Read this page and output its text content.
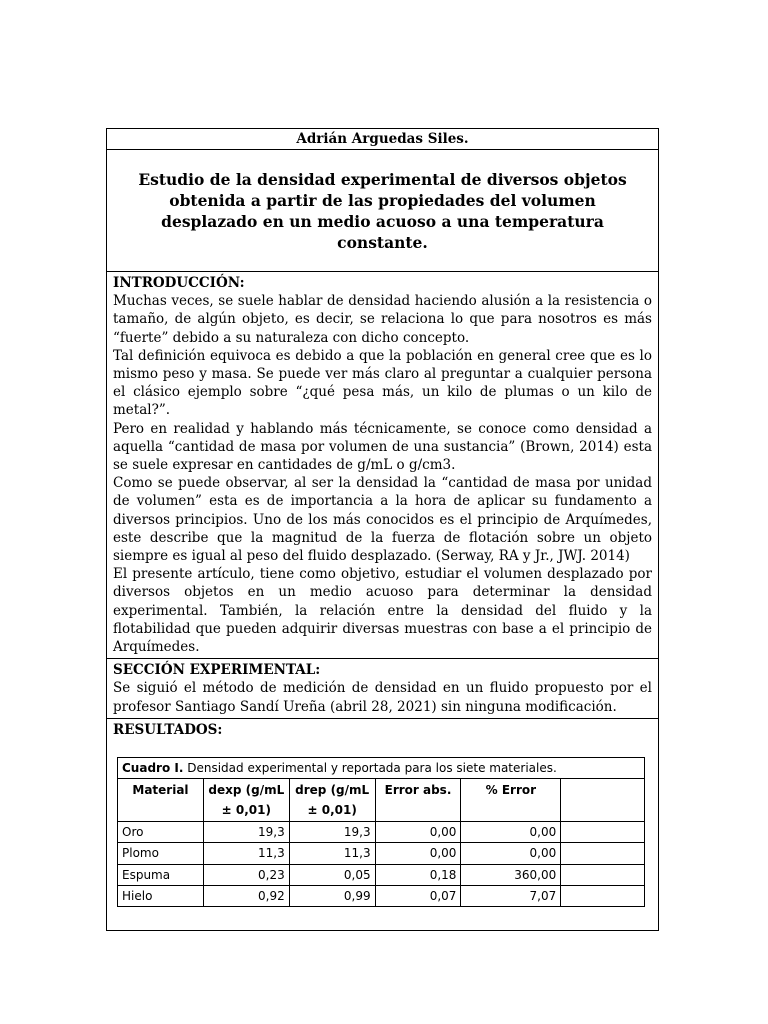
Adrián Arguedas Siles.
Estudio de la densidad experimental de diversos objetos obtenida a partir de las propiedades del volumen desplazado en un medio acuoso a una temperatura constante.

INTRODUCCIÓN:

Muchas veces, se suele hablar de densidad haciendo alusión a la resistencia o tamaño, de algún objeto, es decir, se relaciona lo que para nosotros es más “fuerte” debido a su naturaleza con dicho concepto.

Tal definición equivoca es debido a que la población en general cree que es lo mismo peso y masa. Se puede ver más claro al preguntar a cualquier persona el clásico ejemplo sobre “¿qué pesa más, un kilo de plumas o un kilo de metal?”.

Pero en realidad y hablando más técnicamente, se conoce como densidad a aquella “cantidad de masa por volumen de una sustancia” (Brown, 2014) esta se suele expresar en cantidades de g/mL o g/cm3.

Como se puede observar, al ser la densidad la “cantidad de masa por unidad de volumen” esta es de importancia a la hora de aplicar su fundamento a diversos principios. Uno de los más conocidos es el principio de Arquímedes, este describe que la magnitud de la fuerza de flotación sobre un objeto siempre es igual al peso del fluido desplazado. (Serway, RA y Jr., JWJ. 2014)

El presente artículo, tiene como objetivo, estudiar el volumen desplazado por diversos objetos en un medio acuoso para determinar la densidad experimental. También, la relación entre la densidad del fluido y la flotabilidad que pueden adquirir diversas muestras con base a el principio de Arquímedes.

SECCIÓN EXPERIMENTAL:

Se siguió el método de medición de densidad en un fluido propuesto por el profesor Santiago Sandí Ureña (abril 28, 2021) sin ninguna modificación.

RESULTADOS:

Cuadro I. Densidad experimental y reportada para los siete materiales.					
Material	dexp (g/mL ± 0,01)	drep (g/mL ± 0,01)	Error abs.	% Error	
Oro	19,3	19,3	0,00	0,00	
Plomo	11,3	11,3	0,00	0,00	
Espuma	0,23	0,05	0,18	360,00	
Hielo	0,92	0,99	0,07	7,07	
